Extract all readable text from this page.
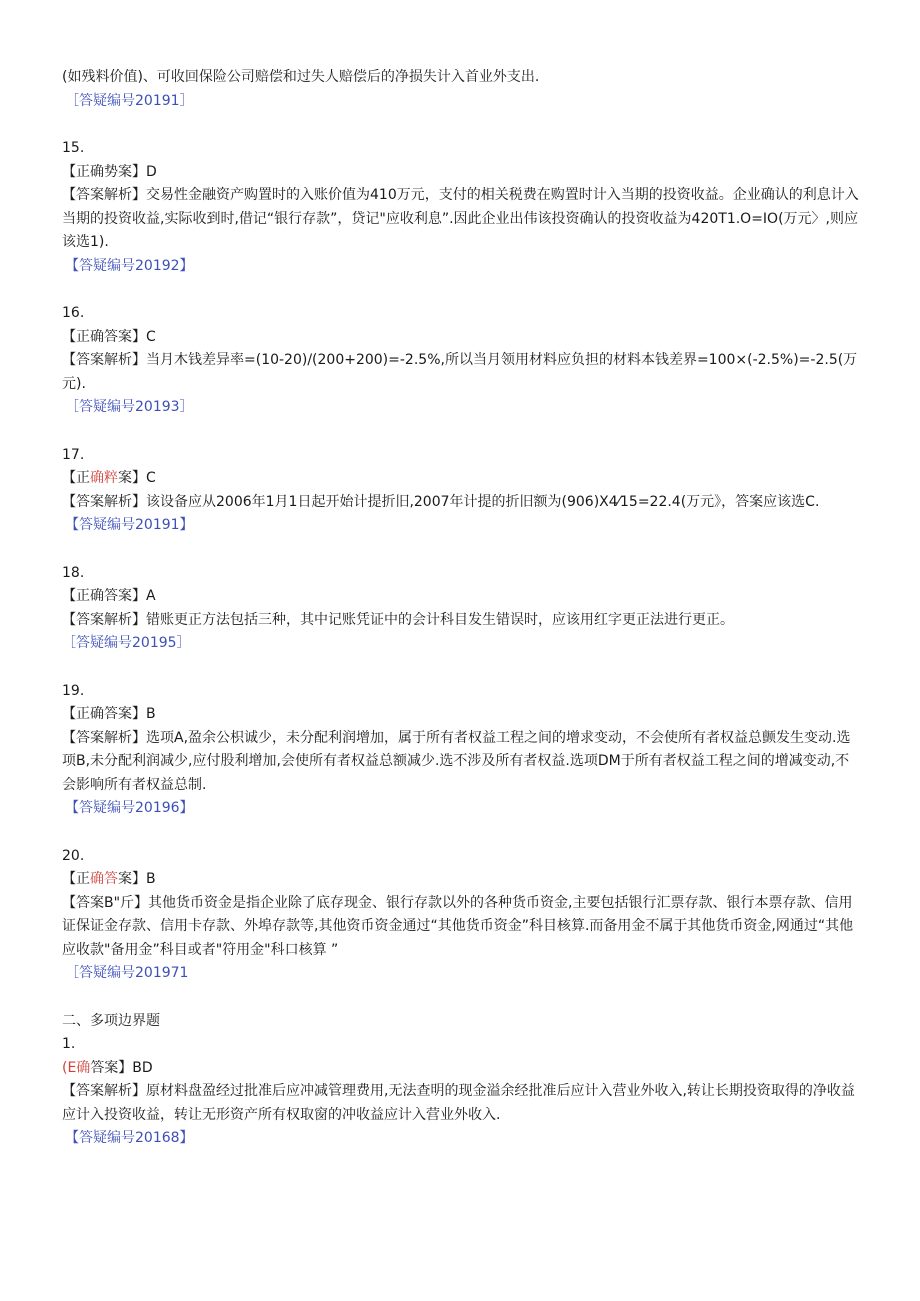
(如残料价值)、可收回保险公司赔偿和过失人赔偿后的净损失计入首业外支出.
［答疑编号20191］
15.
【正确势案】D
【答案解析】交易性金融资产购置时的入账价值为410万元，支付的相关税费在购置时计入当期的投资收益。企业确认的利息计入当期的投资收益,实际收到时,借记“银行存款”，贷记"应收利息”.因此企业出伟该投资确认的投资收益为420T1.O=IO(万元〉,则应该选1).
【答疑编号20192】
16.
【正确答案】C
【答案解析】当月木钱差异率=(10-20)/(200+200)=-2.5%,所以当月领用材料应负担的材料本钱差界=100×(-2.5%)=-2.5(万元).
［答疑编号20193］
17.
【正确粹案】C
【答案解析】该设备应从2006年1月1日起开始计提折旧,2007年计提的折旧额为(906)X4⁄15=22.4(万元》，答案应该选C.
【答疑编号20191】
18.
【正确答案】A
【答案解析】错账更正方法包括三种，其中记账凭证中的会计科目发生错误时，应该用红字更正法进行更正。 ［答疑编号20195］
19.
【正确答案】B
【答案解析】选项A,盈余公枳诚少，未分配利润增加，属于所有者权益工程之间的增求变动，不会使所有者权益总颤发生变动.选项B,未分配利润减少,应付股利增加,会使所有者权益总额减少.选不涉及所有者权益.选项DM于所有者权益工程之间的增减变动,不会影响所有者权益总制.
【答疑编号20196】
20.
【正确答案】B
【答案B"斤】其他货币资金是指企业除了底存现金、银行存款以外的各种货币资金,主要包括银行汇票存款、银行本票存款、信用证保证金存款、信用卡存款、外埠存款等,其他资币资金通过“其他货币资金”科目核算.而备用金不属于其他货币资金,网通过“其他应收款"备用金”科目或者"符用金"科口核算 ”
［答疑编号201971
二、多项边界题
1.
(E确答案】BD
【答案解析】原材料盘盈经过批准后应冲减管理费用,无法查明的现金溢余经批准后应计入营业外收入,转让长期投资取得的净收益应计入投资收益，转让无形资产所有权取窗的冲收益应计入营业外收入.
【答疑编号20168】
